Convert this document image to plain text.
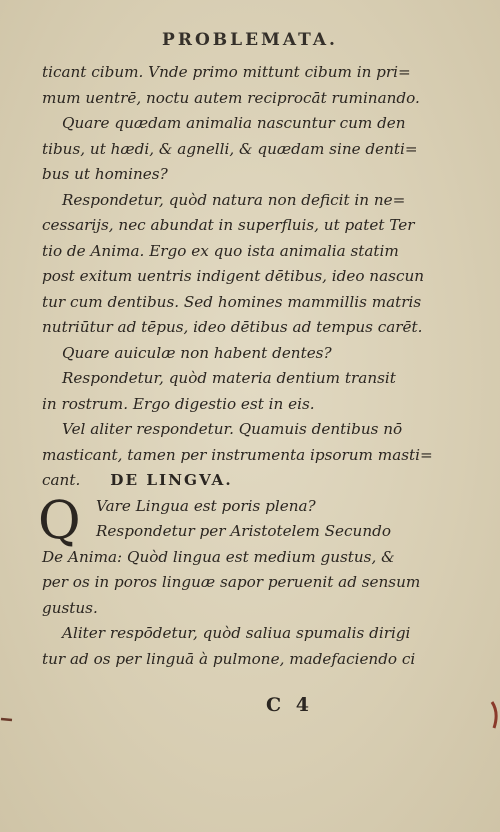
PROBLEMATA.
ticant cibum. Vnde primo mittunt cibum in pri=
mum uentrē, noctu autem reciprocāt ruminando.
Quare quædam animalia nascuntur cum den
tibus, ut hædi, & agnelli, & quædam sine denti=
bus ut homines?
Respondetur, quòd natura non deficit in ne=
cessarijs, nec abundat in superfluis, ut patet Ter
tio de Anima. Ergo ex quo ista animalia statim
post exitum uentris indigent dētibus, ideo nascun
tur cum dentibus. Sed homines mammillis matris
nutriūtur ad tēpus, ideo dētibus ad tempus carēt.
Quare auiculæ non habent dentes?
Respondetur, quòd materia dentium transit
in rostrum. Ergo digestio est in eis.
Vel aliter respondetur. Quamuis dentibus nō
masticant, tamen per instrumenta ipsorum masti=
cant. DE LINGVA.
Q	Vare Lingua est poris plena?
Respondetur per Aristotelem Secundo
De Anima: Quòd lingua est medium gustus, &
per os in poros linguæ sapor peruenit ad sensum
gustus.
Aliter respōdetur, quòd saliua spumalis dirigi
tur ad os per linguā à pulmone, madefaciendo ci
C 4
